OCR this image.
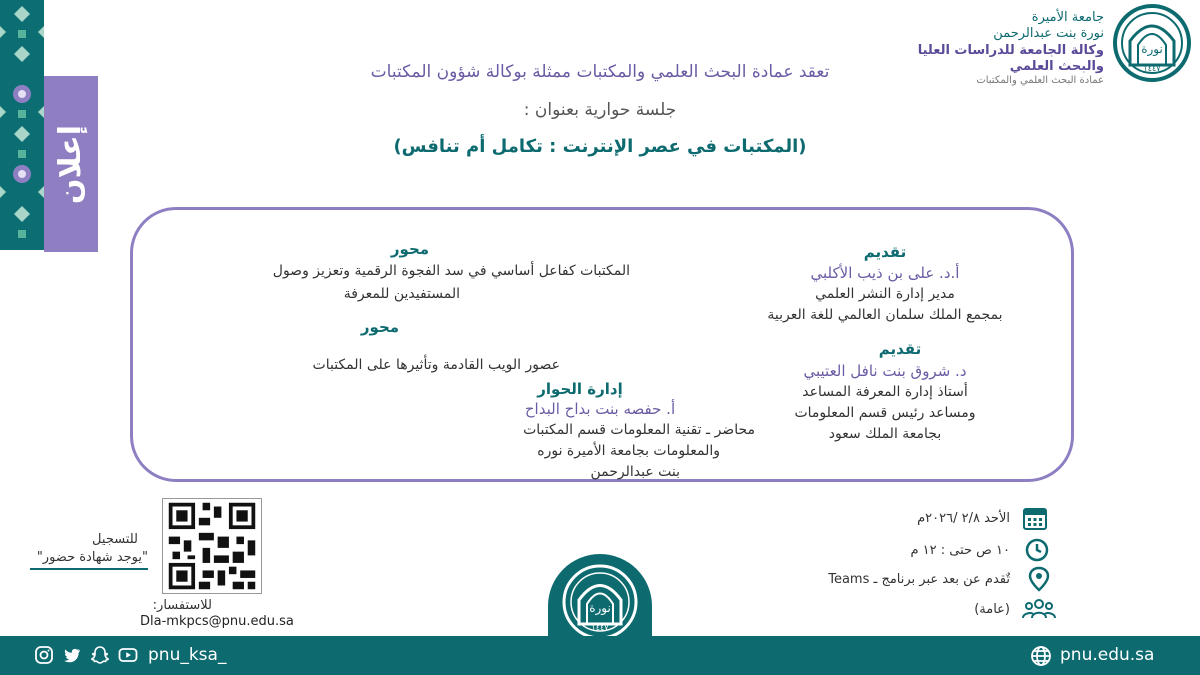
إعلان
نورة
١٤٤٧
جامعة الأميرة
نورة بنت عبدالرحمن
وكالة الجامعة للدراسات العليا
والبحث العلمي
عمادة البحث العلمي والمكتبات
تعقد عمادة البحث العلمي والمكتبات ممثلة بوكالة شؤون المكتبات
جلسة حوارية بعنوان :
(المكتبات في عصر الإنترنت : تكامل أم تنافس)
تقديم
أ.د. على بن ذيب الأكلبي
مدير إدارة النشر العلمي
بمجمع الملك سلمان العالمي للغة العربية
تقديم
د. شروق بنت نافل العتيبي
أستاذ إدارة المعرفة المساعد
ومساعد رئيس قسم المعلومات
بجامعة الملك سعود
محور
المكتبات كفاعل أساسي في سد الفجوة الرقمية وتعزيز وصول
المستفيدين للمعرفة
محور
عصور الويب القادمة وتأثيرها على المكتبات
إدارة الحوار
أ. حفصه بنت بداح البداح
محاضر ـ تقنية المعلومات قسم المكتبات
والمعلومات بجامعة الأميرة نوره
بنت عبدالرحمن
الأحد ٢/٨ /٢٠٢٦م
١٠ ص حتى : ١٢ م
تٌقدم عن بعد عبر برنامج ـ Teams
(عامة)
نورة
١٤٤٧
للتسجيل
"يوجد شهادة حضور"
للاستفسار:
Dla-mkpcs@pnu.edu.sa
pnu.edu.sa
pnu_ksa_
